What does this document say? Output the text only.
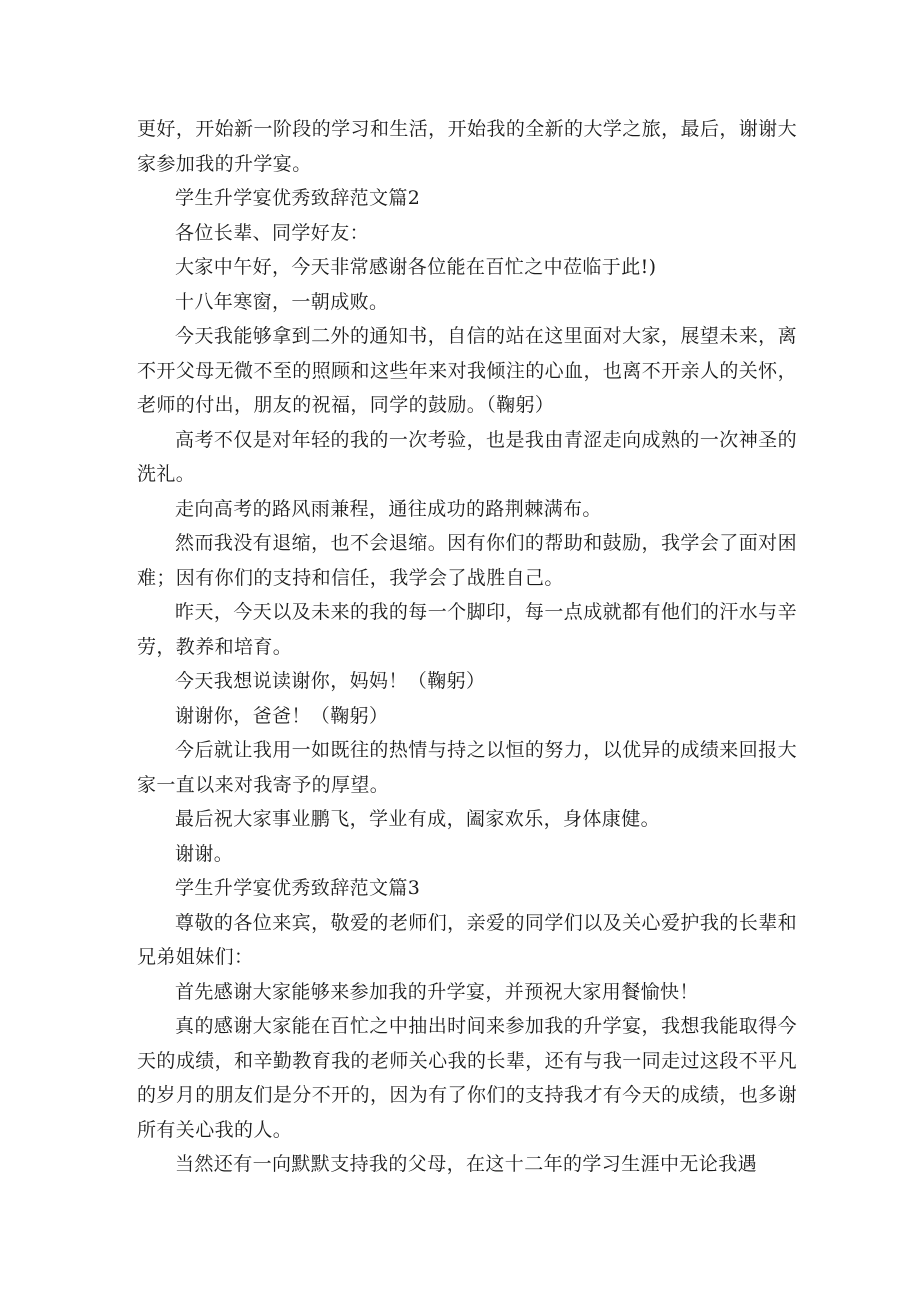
更好，开始新一阶段的学习和生活，开始我的全新的大学之旅，最后，谢谢大家参加我的升学宴。

学生升学宴优秀致辞范文篇2

各位长辈、同学好友：

大家中午好，今天非常感谢各位能在百忙之中莅临于此!)

十八年寒窗，一朝成败。

今天我能够拿到二外的通知书，自信的站在这里面对大家，展望未来，离不开父母无微不至的照顾和这些年来对我倾注的心血，也离不开亲人的关怀，老师的付出，朋友的祝福，同学的鼓励。（鞠躬）

高考不仅是对年轻的我的一次考验，也是我由青涩走向成熟的一次神圣的洗礼。

走向高考的路风雨兼程，通往成功的路荆棘满布。

然而我没有退缩，也不会退缩。因有你们的帮助和鼓励，我学会了面对困难；因有你们的支持和信任，我学会了战胜自己。

昨天，今天以及未来的我的每一个脚印，每一点成就都有他们的汗水与辛劳，教养和培育。

今天我想说读谢你，妈妈！（鞠躬）

谢谢你，爸爸！（鞠躬）

今后就让我用一如既往的热情与持之以恒的努力，以优异的成绩来回报大家一直以来对我寄予的厚望。

最后祝大家事业鹏飞，学业有成，阖家欢乐，身体康健。

谢谢。

学生升学宴优秀致辞范文篇3

尊敬的各位来宾，敬爱的老师们，亲爱的同学们以及关心爱护我的长辈和兄弟姐妹们：

首先感谢大家能够来参加我的升学宴，并预祝大家用餐愉快！

真的感谢大家能在百忙之中抽出时间来参加我的升学宴，我想我能取得今天的成绩，和辛勤教育我的老师关心我的长辈，还有与我一同走过这段不平凡的岁月的朋友们是分不开的，因为有了你们的支持我才有今天的成绩，也多谢所有关心我的人。

当然还有一向默默支持我的父母，在这十二年的学习生涯中无论我遇
